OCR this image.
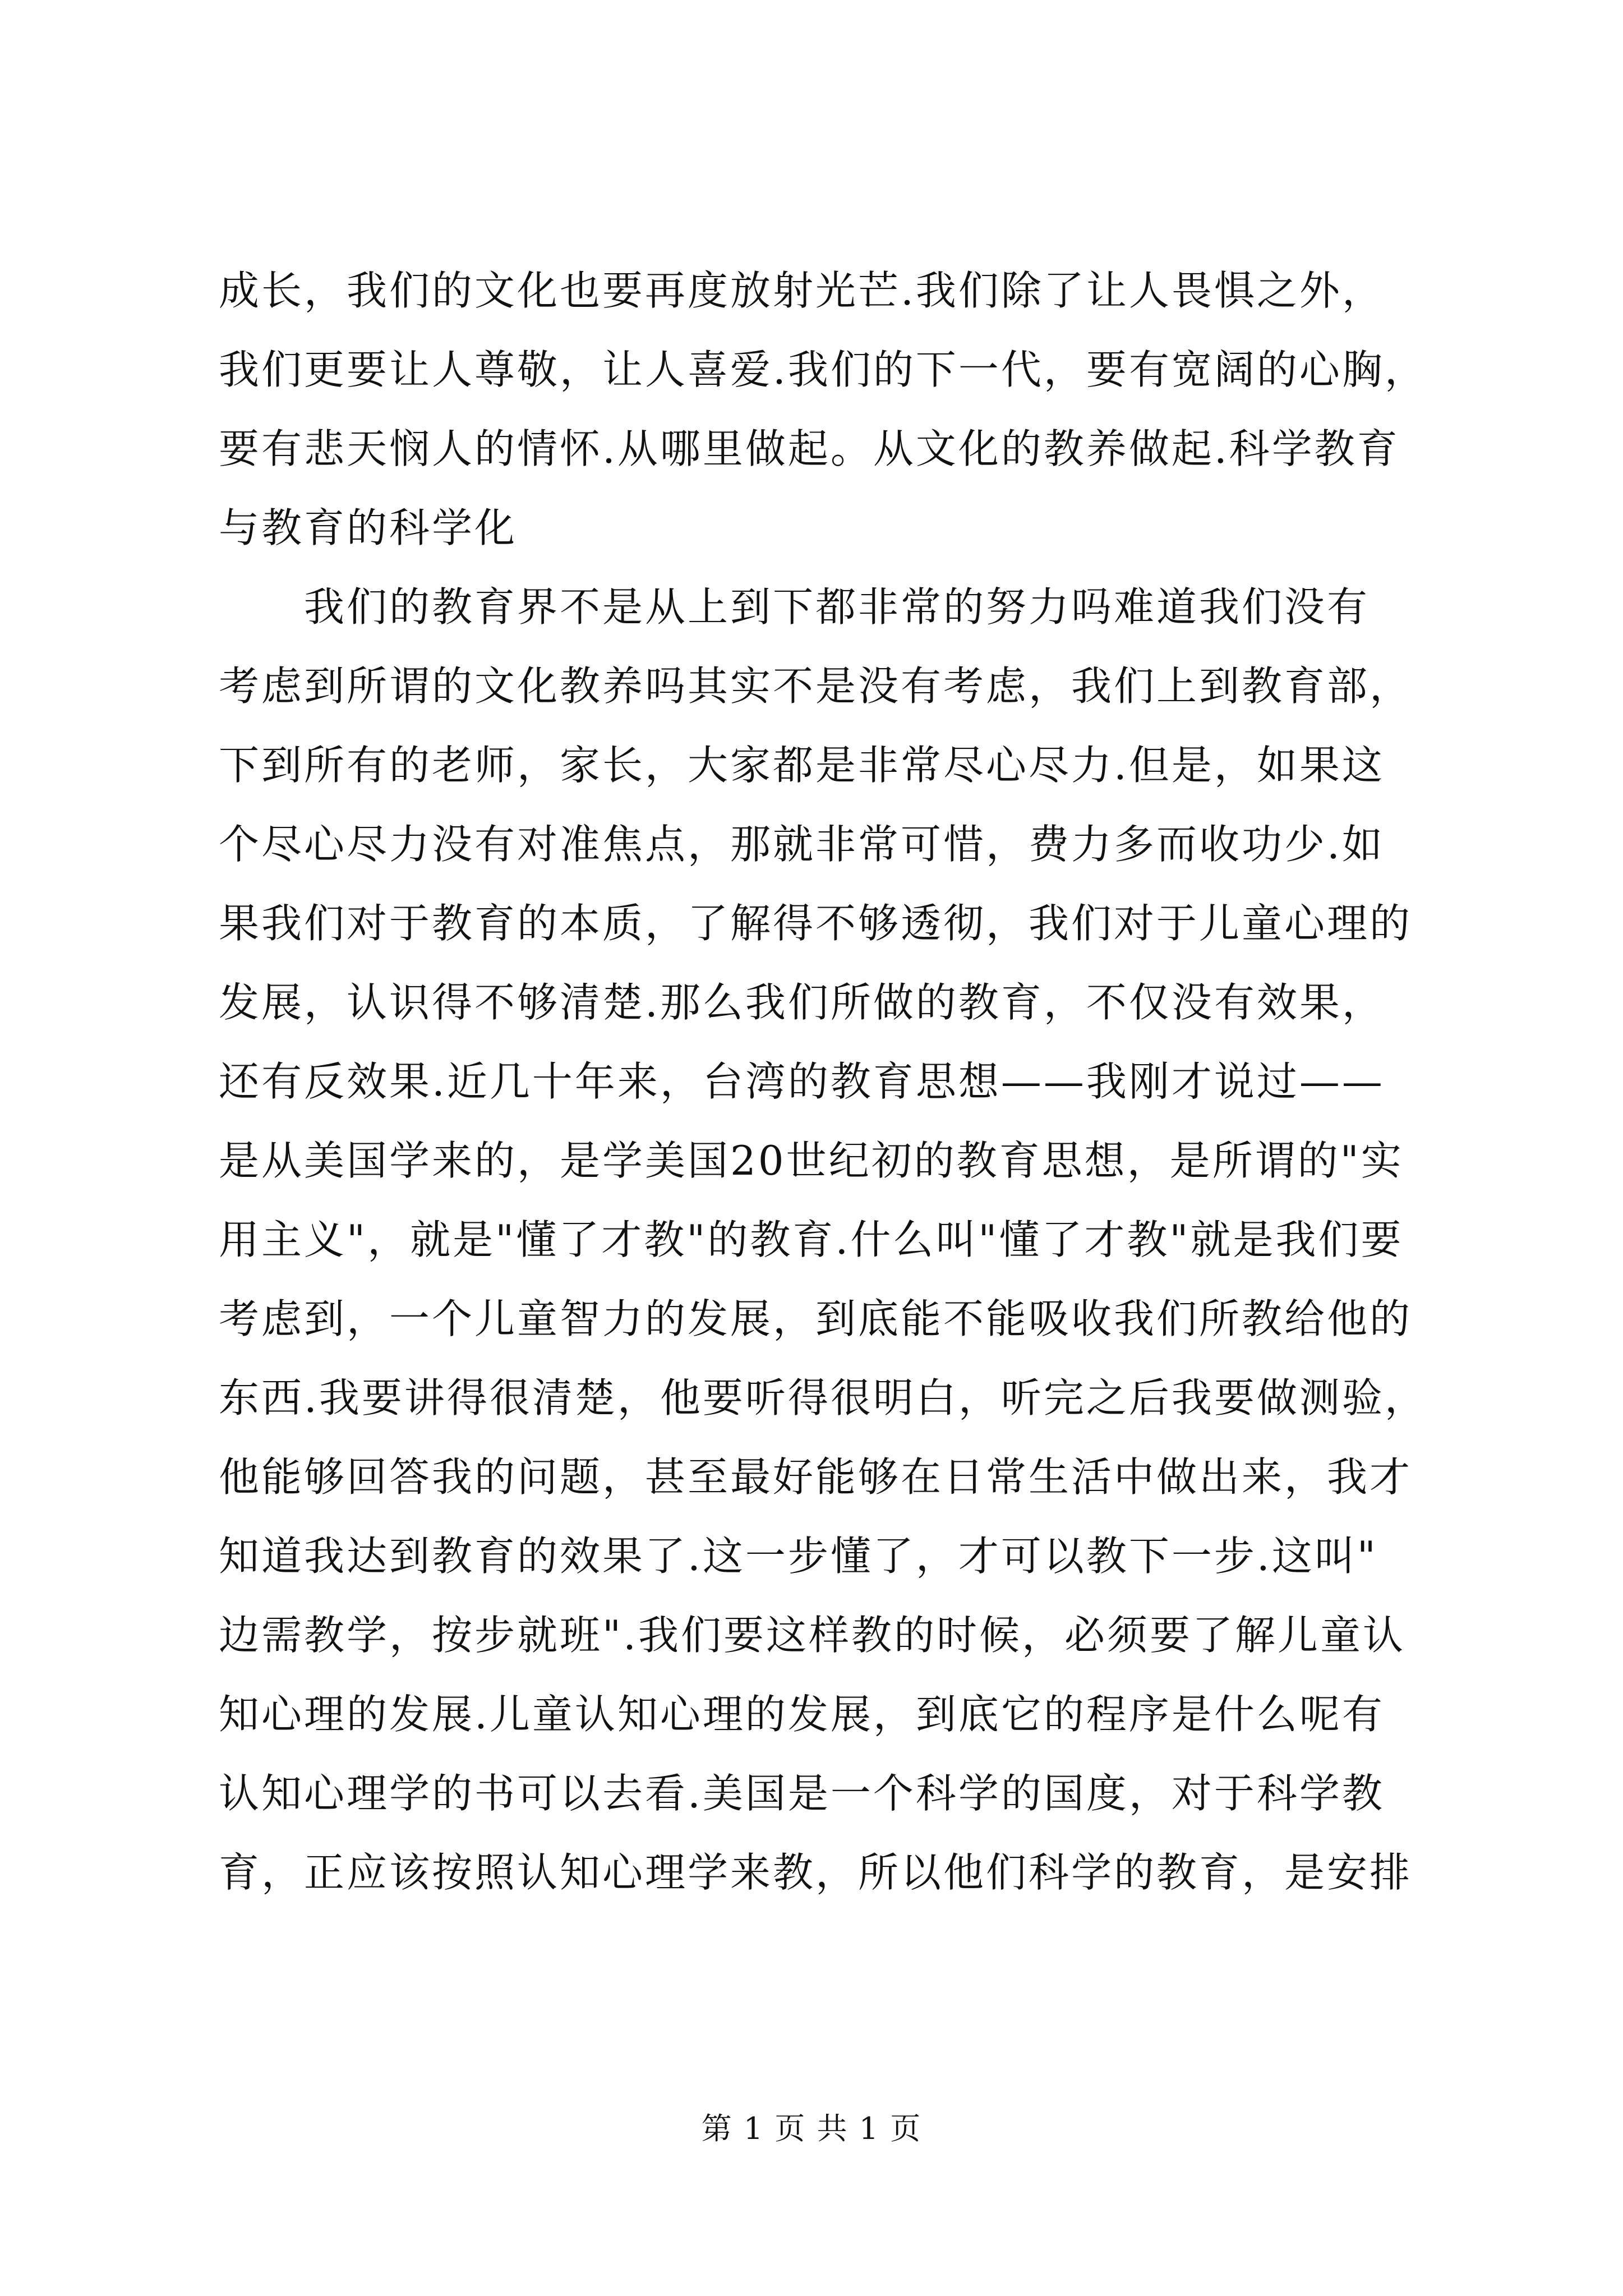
成长，我们的文化也要再度放射光芒.我们除了让人畏惧之外，
我们更要让人尊敬，让人喜爱.我们的下一代，要有宽阔的心胸，
要有悲天悯人的情怀.从哪里做起。从文化的教养做起.科学教育
与教育的科学化
我们的教育界不是从上到下都非常的努力吗难道我们没有
考虑到所谓的文化教养吗其实不是没有考虑，我们上到教育部，
下到所有的老师，家长，大家都是非常尽心尽力.但是，如果这
个尽心尽力没有对准焦点，那就非常可惜，费力多而收功少.如
果我们对于教育的本质，了解得不够透彻，我们对于儿童心理的
发展，认识得不够清楚.那么我们所做的教育，不仅没有效果，
还有反效果.近几十年来，台湾的教育思想——我刚才说过——
是从美国学来的，是学美国20世纪初的教育思想，是所谓的"实
用主义"，就是"懂了才教"的教育.什么叫"懂了才教"就是我们要
考虑到，一个儿童智力的发展，到底能不能吸收我们所教给他的
东西.我要讲得很清楚，他要听得很明白，听完之后我要做测验，
他能够回答我的问题，甚至最好能够在日常生活中做出来，我才
知道我达到教育的效果了.这一步懂了，才可以教下一步.这叫"
边需教学，按步就班".我们要这样教的时候，必须要了解儿童认
知心理的发展.儿童认知心理的发展，到底它的程序是什么呢有
认知心理学的书可以去看.美国是一个科学的国度，对于科学教
育，正应该按照认知心理学来教，所以他们科学的教育，是安排
第 1 页 共 1 页
